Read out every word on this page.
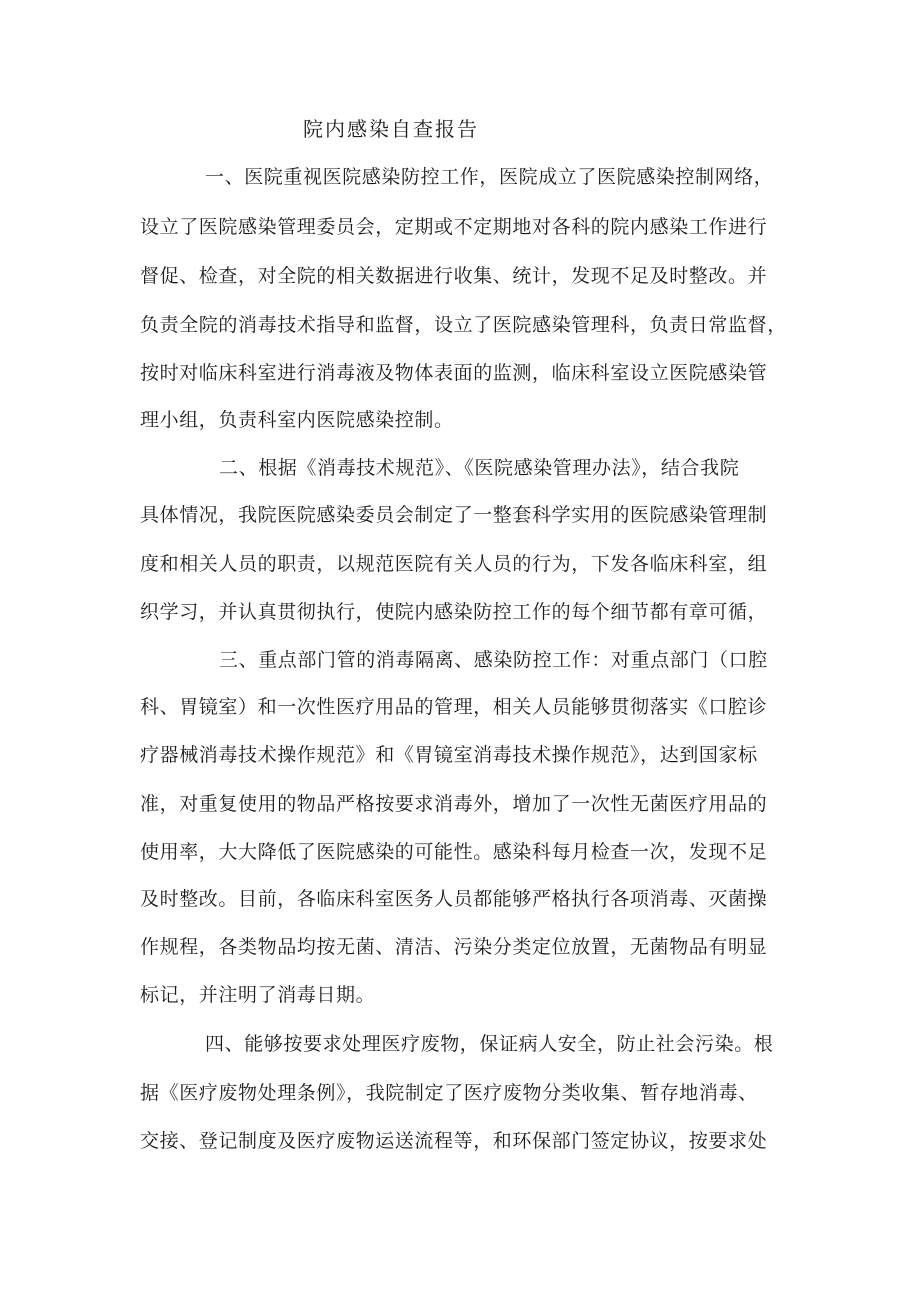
院内感染自查报告
一、医院重视医院感染防控工作，医院成立了医院感染控制网络，
设立了医院感染管理委员会，定期或不定期地对各科的院内感染工作进行
督促、检查，对全院的相关数据进行收集、统计，发现不足及时整改。并
负责全院的消毒技术指导和监督，设立了医院感染管理科，负责日常监督，
按时对临床科室进行消毒液及物体表面的监测，临床科室设立医院感染管
理小组，负责科室内医院感染控制。
二、根据《消毒技术规范》、《医院感染管理办法》，结合我院
具体情况，我院医院感染委员会制定了一整套科学实用的医院感染管理制
度和相关人员的职责，以规范医院有关人员的行为，下发各临床科室，组
织学习，并认真贯彻执行，使院内感染防控工作的每个细节都有章可循，
三、重点部门管的消毒隔离、感染防控工作：对重点部门（口腔
科、胃镜室）和一次性医疗用品的管理，相关人员能够贯彻落实《口腔诊
疗器械消毒技术操作规范》和《胃镜室消毒技术操作规范》，达到国家标
准，对重复使用的物品严格按要求消毒外，增加了一次性无菌医疗用品的
使用率，大大降低了医院感染的可能性。感染科每月检查一次，发现不足
及时整改。目前，各临床科室医务人员都能够严格执行各项消毒、灭菌操
作规程，各类物品均按无菌、清洁、污染分类定位放置，无菌物品有明显
标记，并注明了消毒日期。
四、能够按要求处理医疗废物，保证病人安全，防止社会污染。根
据《医疗废物处理条例》，我院制定了医疗废物分类收集、暂存地消毒、
交接、登记制度及医疗废物运送流程等，和环保部门签定协议，按要求处
